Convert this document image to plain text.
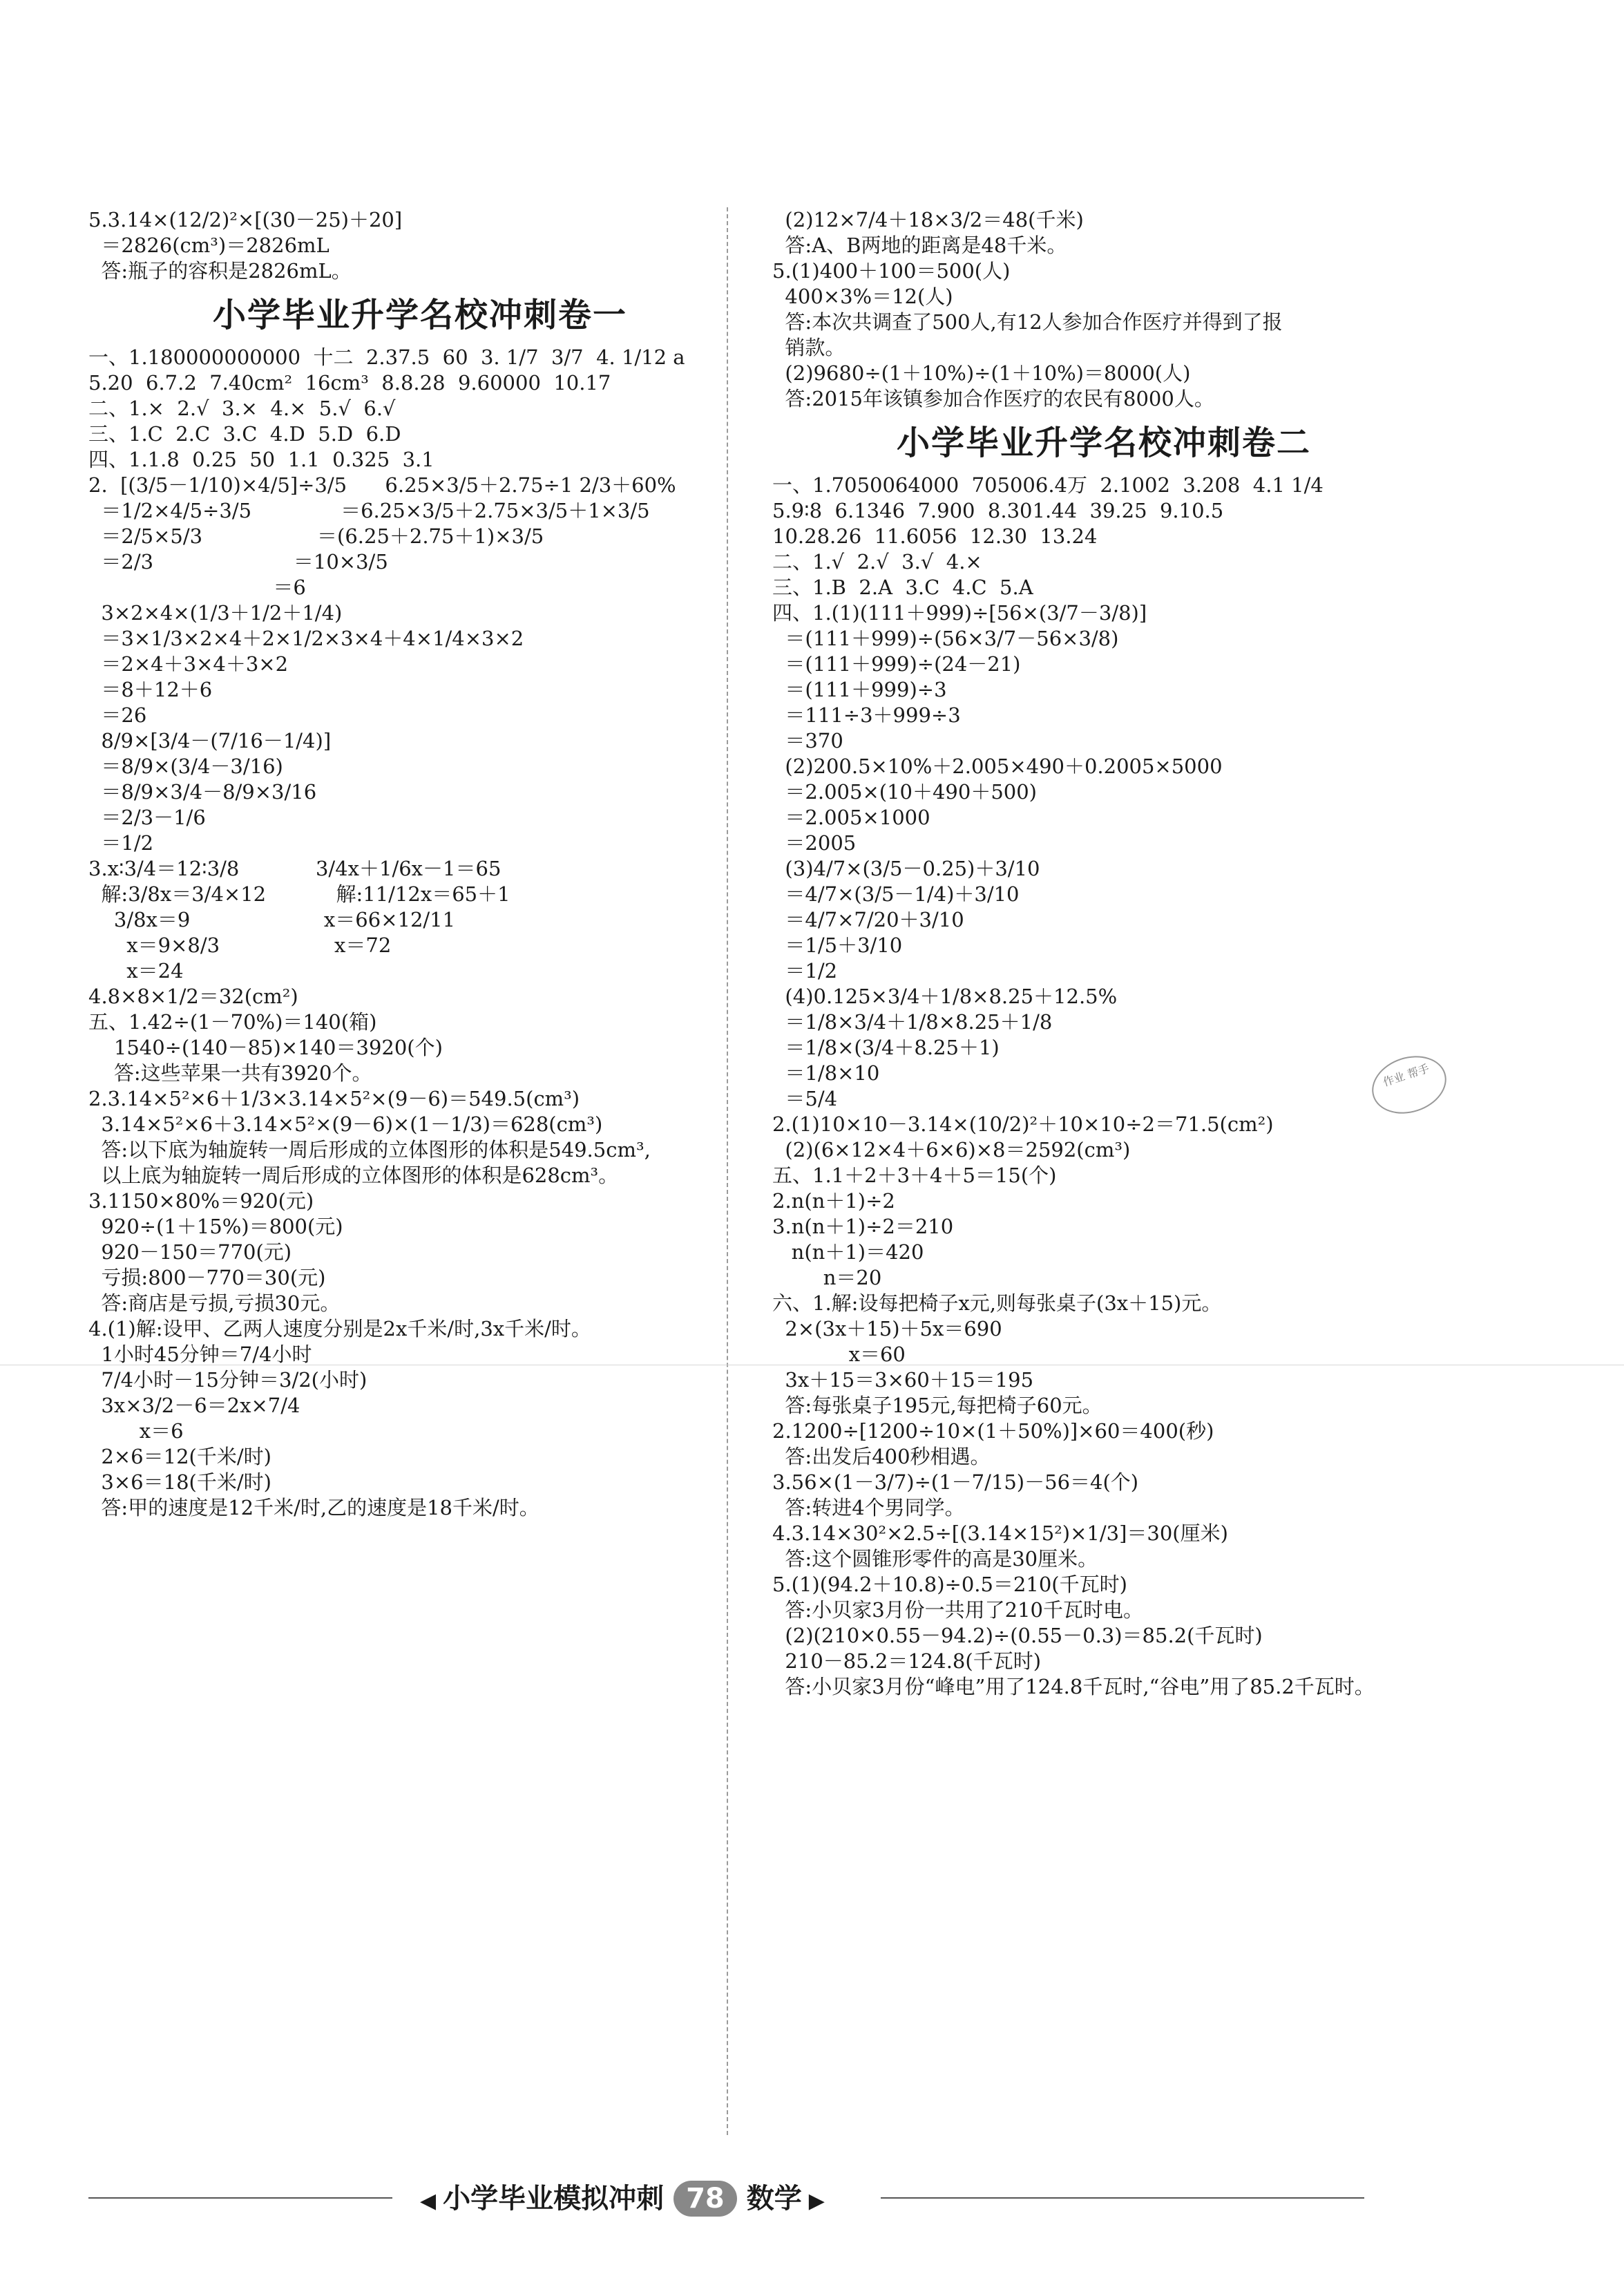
5.3.14×(12/2)²×[(30－25)＋20]
＝2826(cm³)＝2826mL
答:瓶子的容积是2826mL。
小学毕业升学名校冲刺卷一
一、1.180000000000  十二  2.37.5  60  3. 1/7  3/7  4. 1/12 a
5.20  6.7.2  7.40cm²  16cm³  8.8.28  9.60000  10.17
二、1.×  2.√  3.×  4.×  5.√  6.√
三、1.C  2.C  3.C  4.D  5.D  6.D
四、1.1.8  0.25  50  1.1  0.325  3.1
2.  [(3/5－1/10)×4/5]÷3/5      6.25×3/5＋2.75÷1 2/3＋60%
＝1/2×4/5÷3/5              ＝6.25×3/5＋2.75×3/5＋1×3/5
＝2/5×5/3                  ＝(6.25＋2.75＋1)×3/5
＝2/3                      ＝10×3/5
＝6
3×2×4×(1/3＋1/2＋1/4)
＝3×1/3×2×4＋2×1/2×3×4＋4×1/4×3×2
＝2×4＋3×4＋3×2
＝8＋12＋6
＝26
8/9×[3/4－(7/16－1/4)]
＝8/9×(3/4－3/16)
＝8/9×3/4－8/9×3/16
＝2/3－1/6
＝1/2
3.x∶3/4＝12∶3/8            3/4x＋1/6x－1＝65
解:3/8x＝3/4×12           解:11/12x＝65＋1
3/8x＝9                     x＝66×12/11
x＝9×8/3                  x＝72
x＝24
4.8×8×1/2＝32(cm²)
五、1.42÷(1－70%)＝140(箱)
1540÷(140－85)×140＝3920(个)
答:这些苹果一共有3920个。
2.3.14×5²×6＋1/3×3.14×5²×(9－6)＝549.5(cm³)
3.14×5²×6＋3.14×5²×(9－6)×(1－1/3)＝628(cm³)
答:以下底为轴旋转一周后形成的立体图形的体积是549.5cm³,
以上底为轴旋转一周后形成的立体图形的体积是628cm³。
3.1150×80%＝920(元)
920÷(1＋15%)＝800(元)
920－150＝770(元)
亏损:800－770＝30(元)
答:商店是亏损,亏损30元。
4.(1)解:设甲、乙两人速度分别是2x千米/时,3x千米/时。
1小时45分钟＝7/4小时
7/4小时－15分钟＝3/2(小时)
3x×3/2－6＝2x×7/4
x＝6
2×6＝12(千米/时)
3×6＝18(千米/时)
答:甲的速度是12千米/时,乙的速度是18千米/时。
(2)12×7/4＋18×3/2＝48(千米)
答:A、B两地的距离是48千米。
5.(1)400＋100＝500(人)
400×3%＝12(人)
答:本次共调查了500人,有12人参加合作医疗并得到了报
销款。
(2)9680÷(1＋10%)÷(1＋10%)＝8000(人)
答:2015年该镇参加合作医疗的农民有8000人。
小学毕业升学名校冲刺卷二
一、1.7050064000  705006.4万  2.1002  3.208  4.1 1/4
5.9∶8  6.1346  7.900  8.301.44  39.25  9.10.5
10.28.26  11.6056  12.30  13.24
二、1.√  2.√  3.√  4.×
三、1.B  2.A  3.C  4.C  5.A
四、1.(1)(111＋999)÷[56×(3/7－3/8)]
＝(111＋999)÷(56×3/7－56×3/8)
＝(111＋999)÷(24－21)
＝(111＋999)÷3
＝111÷3＋999÷3
＝370
(2)200.5×10%＋2.005×490＋0.2005×5000
＝2.005×(10＋490＋500)
＝2.005×1000
＝2005
(3)4/7×(3/5－0.25)＋3/10
＝4/7×(3/5－1/4)＋3/10
＝4/7×7/20＋3/10
＝1/5＋3/10
＝1/2
(4)0.125×3/4＋1/8×8.25＋12.5%
＝1/8×3/4＋1/8×8.25＋1/8
＝1/8×(3/4＋8.25＋1)
＝1/8×10
＝5/4
2.(1)10×10－3.14×(10/2)²＋10×10÷2＝71.5(cm²)
(2)(6×12×4＋6×6)×8＝2592(cm³)
五、1.1＋2＋3＋4＋5＝15(个)
2.n(n＋1)÷2
3.n(n＋1)÷2＝210
n(n＋1)＝420
n＝20
六、1.解:设每把椅子x元,则每张桌子(3x＋15)元。
2×(3x＋15)＋5x＝690
x＝60
3x＋15＝3×60＋15＝195
答:每张桌子195元,每把椅子60元。
2.1200÷[1200÷10×(1＋50%)]×60＝400(秒)
答:出发后400秒相遇。
3.56×(1－3/7)÷(1－7/15)－56＝4(个)
答:转进4个男同学。
4.3.14×30²×2.5÷[(3.14×15²)×1/3]＝30(厘米)
答:这个圆锥形零件的高是30厘米。
5.(1)(94.2＋10.8)÷0.5＝210(千瓦时)
答:小贝家3月份一共用了210千瓦时电。
(2)(210×0.55－94.2)÷(0.55－0.3)＝85.2(千瓦时)
210－85.2＝124.8(千瓦时)
答:小贝家3月份“峰电”用了124.8千瓦时,“谷电”用了85.2千瓦时。
作业 帮手
◀ 小学毕业模拟冲刺 78 数学 ▶
